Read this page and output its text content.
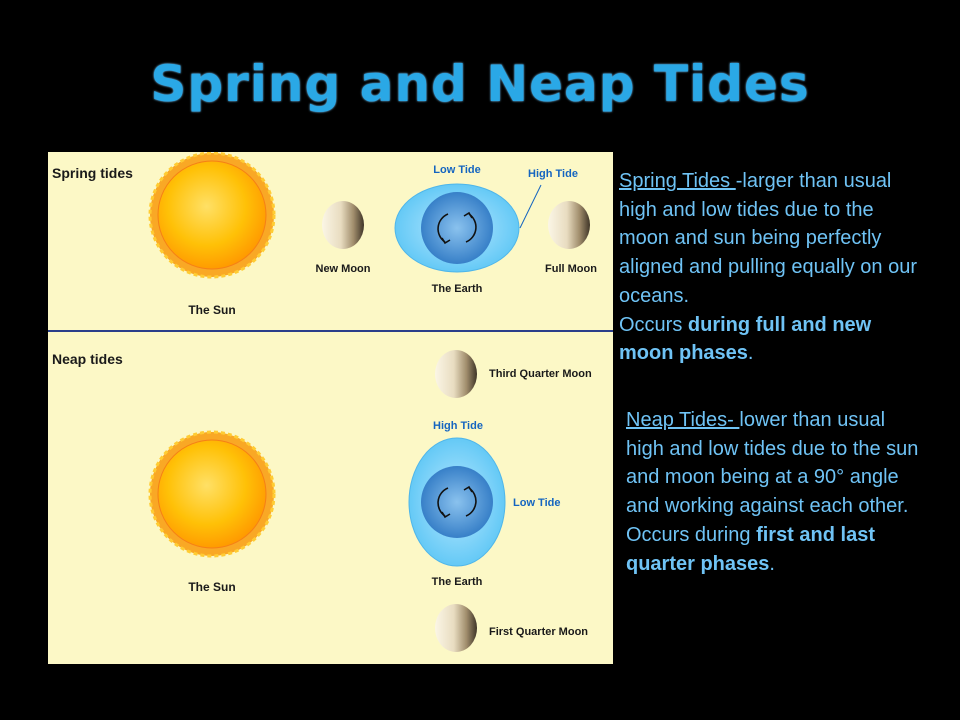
Spring and Neap Tides
Spring tides
The Sun
New Moon
Low Tide	High Tide
The Earth
Full Moon
Neap tides
Third Quarter Moon
The Sun
High Tide
Low Tide
The Earth
First Quarter Moon
Spring Tides -larger than usual high and low tides due to the moon and sun being perfectly aligned and pulling equally on our oceans.
Occurs during full and new moon phases.
Neap Tides- lower than usual high and low tides due to the sun and moon being at a 90° angle and working against each other.
Occurs during first and last quarter phases.
